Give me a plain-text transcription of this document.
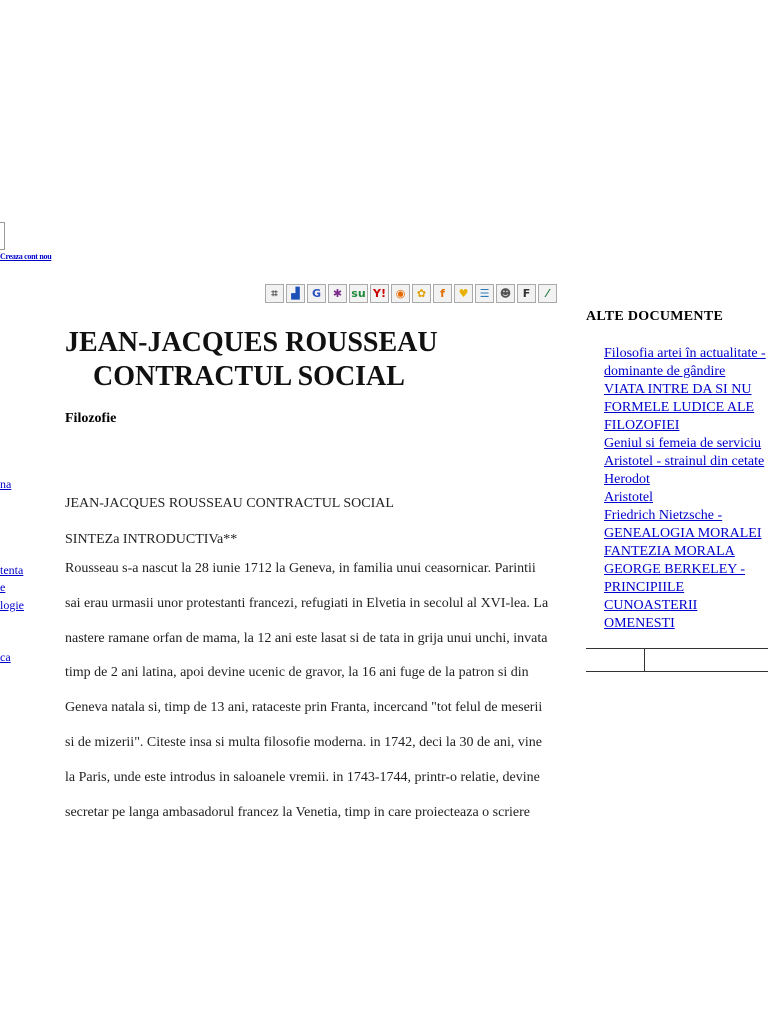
Creaza cont nou
na
tenta
e
logie
ca
⌗	▟	G	✱ su Y! ◉	✿	f	♥	☰ ☻	F	⁄
JEAN-JACQUES ROUSSEAU
CONTRACTUL SOCIAL
Filozofie

JEAN-JACQUES ROUSSEAU CONTRACTUL SOCIAL

SINTEZa INTRODUCTIVa**

Rousseau s-a nascut la 28 iunie 1712 la Geneva, in familia unui ceasornicar. Parintii sai erau urmasii unor protestanti francezi, refugiati in Elvetia in secolul al XVI-lea. La nastere ramane orfan de mama, la 12 ani este lasat si de tata in grija unui unchi, invata timp de 2 ani latina, apoi devine ucenic de gravor, la 16 ani fuge de la patron si din Geneva natala si, timp de 13 ani, rataceste prin Franta, incercand "tot felul de meserii si de mizerii". Citeste insa si multa filosofie moderna. in 1742, deci la 30 de ani, vine la Paris, unde este introdus in saloanele vremii. in 1743-1744, printr-o relatie, devine secretar pe langa ambasadorul francez la Venetia, timp in care proiecteaza o scriere

ALTE DOCUMENTE
Filosofia artei în actualitate - dominante de gândire
VIATA INTRE DA SI NU
FORMELE LUDICE ALE FILOZOFIEI
Geniul si femeia de serviciu
Aristotel - strainul din cetate
Herodot
Aristotel
Friedrich Nietzsche - GENEALOGIA MORALEI
FANTEZIA MORALA
GEORGE BERKELEY - PRINCIPIILE CUNOASTERII OMENESTI
